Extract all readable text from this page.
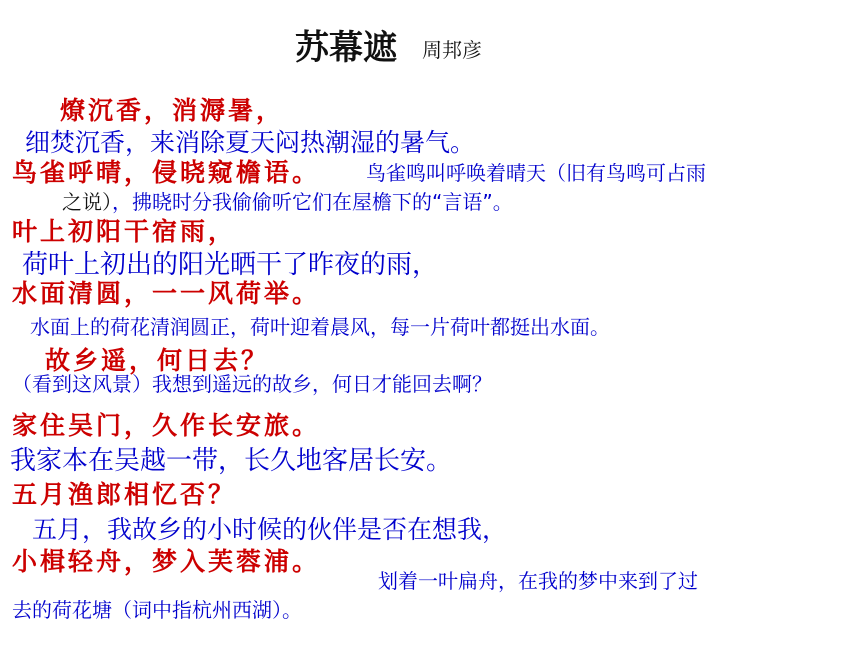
苏幕遮 周邦彦
燎沉香，消溽暑，
细焚沉香，来消除夏天闷热潮湿的暑气。
鸟雀呼晴，侵晓窥檐语。 鸟雀鸣叫呼唤着晴天（旧有鸟鸣可占雨
之说），拂晓时分我偷偷听它们在屋檐下的“言语”。
叶上初阳干宿雨，
荷叶上初出的阳光晒干了昨夜的雨，
水面清圆，一一风荷举。
水面上的荷花清润圆正，荷叶迎着晨风，每一片荷叶都挺出水面。
故乡遥，何日去？
（看到这风景）我想到遥远的故乡，何日才能回去啊？
家住吴门，久作长安旅。
我家本在吴越一带，长久地客居长安。
五月渔郎相忆否？
五月，我故乡的小时候的伙伴是否在想我，
小楫轻舟，梦入芙蓉浦。
划着一叶扁舟，在我的梦中来到了过
去的荷花塘（词中指杭州西湖）。
